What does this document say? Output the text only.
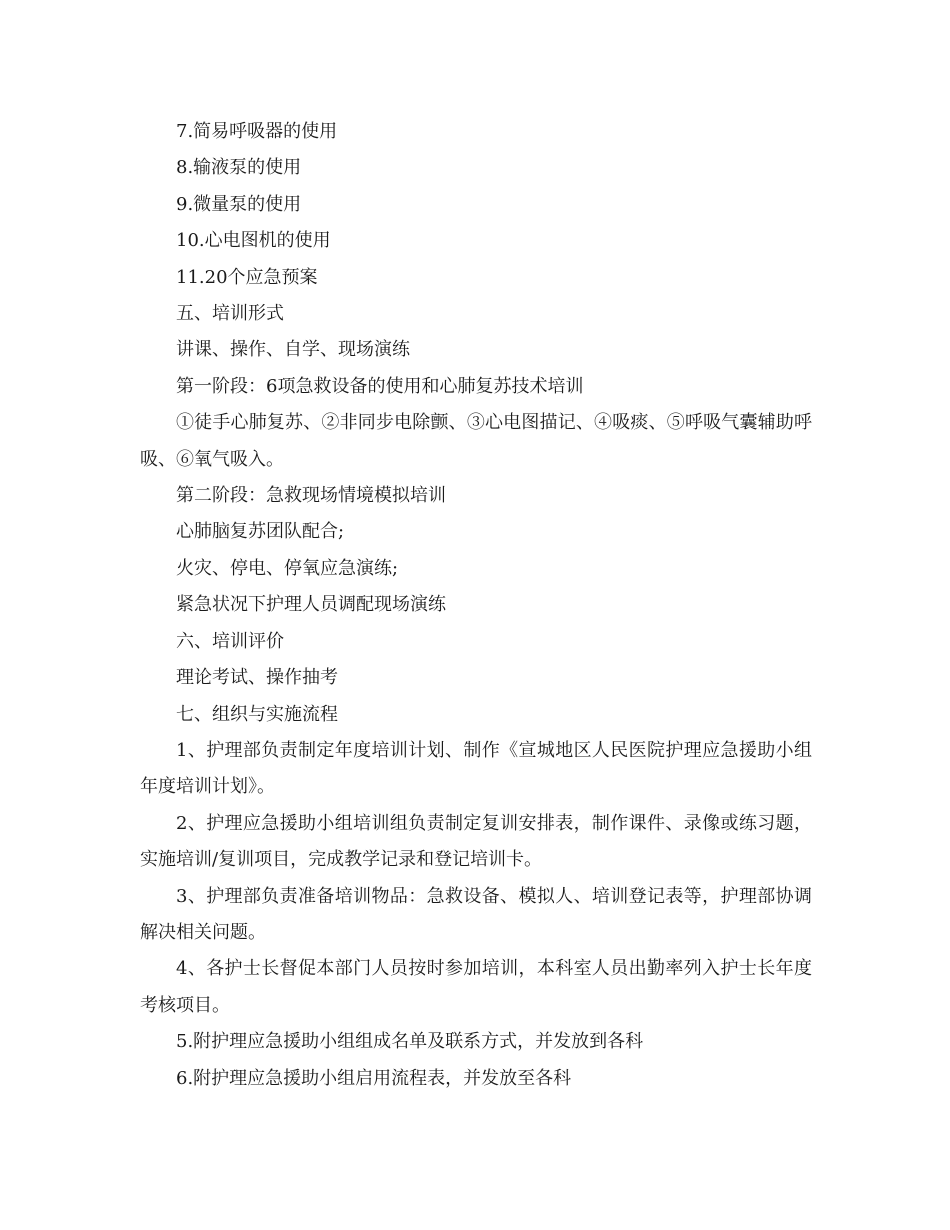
7.简易呼吸器的使用

8.输液泵的使用

9.微量泵的使用

10.心电图机的使用

11.20个应急预案

五、培训形式

讲课、操作、自学、现场演练

第一阶段：6项急救设备的使用和心肺复苏技术培训

①徒手心肺复苏、②非同步电除颤、③心电图描记、④吸痰、⑤呼吸气囊辅助呼吸、⑥氧气吸入。

第二阶段：急救现场情境模拟培训

心肺脑复苏团队配合;

火灾、停电、停氧应急演练;

紧急状况下护理人员调配现场演练

六、培训评价

理论考试、操作抽考

七、组织与实施流程

1、护理部负责制定年度培训计划、制作《宣城地区人民医院护理应急援助小组年度培训计划》。

2、护理应急援助小组培训组负责制定复训安排表，制作课件、录像或练习题，实施培训/复训项目，完成教学记录和登记培训卡。

3、护理部负责准备培训物品：急救设备、模拟人、培训登记表等，护理部协调解决相关问题。

4、各护士长督促本部门人员按时参加培训，本科室人员出勤率列入护士长年度考核项目。

5.附护理应急援助小组组成名单及联系方式，并发放到各科

6.附护理应急援助小组启用流程表，并发放至各科
